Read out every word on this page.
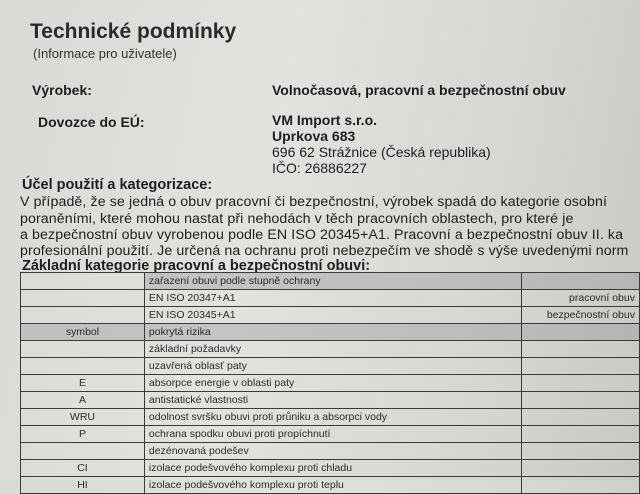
Technické podmínky
(Informace pro uživatele)
Výrobek:	Volnočasová, pracovní a bezpečnostní obuv
Dovozce do EÚ:	VM Import s.r.o.
Uprkova 683
696 62 Strážnice (Česká republika)
IČO: 26886227
Účel použití a kategorizace:
V případě, že se jedná o obuv pracovní či bezpečnostní, výrobek spadá do kategorie osobní
poraněními, které mohou nastat při nehodách v těch pracovních oblastech, pro které je
a bezpečnostní obuv vyrobenou podle EN ISO 20345+A1. Pracovní a bezpečnostní obuv II. ka
profesionální použití. Je určená na ochranu proti nebezpečím ve shodě s výše uvedenými norm
Základní kategorie pracovní a bezpečnostní obuvi:
	zařazení obuvi podle stupně ochrany	
	EN ISO 20347+A1	pracovní obuv
	EN ISO 20345+A1	bezpečnostní obuv
symbol	pokrytá rizika	
	základní požadavky	
	uzavřená oblasť paty	
E	absorpce energie v oblasti paty	
A	antistatické vlastnosti	
WRU	odolnost svršku obuvi proti průniku a absorpci vody	
P	ochrana spodku obuvi proti propíchnutí	
	dezénovaná podešev	
CI	izolace podešvového komplexu proti chladu	
HI	izolace podešvového komplexu proti teplu	
